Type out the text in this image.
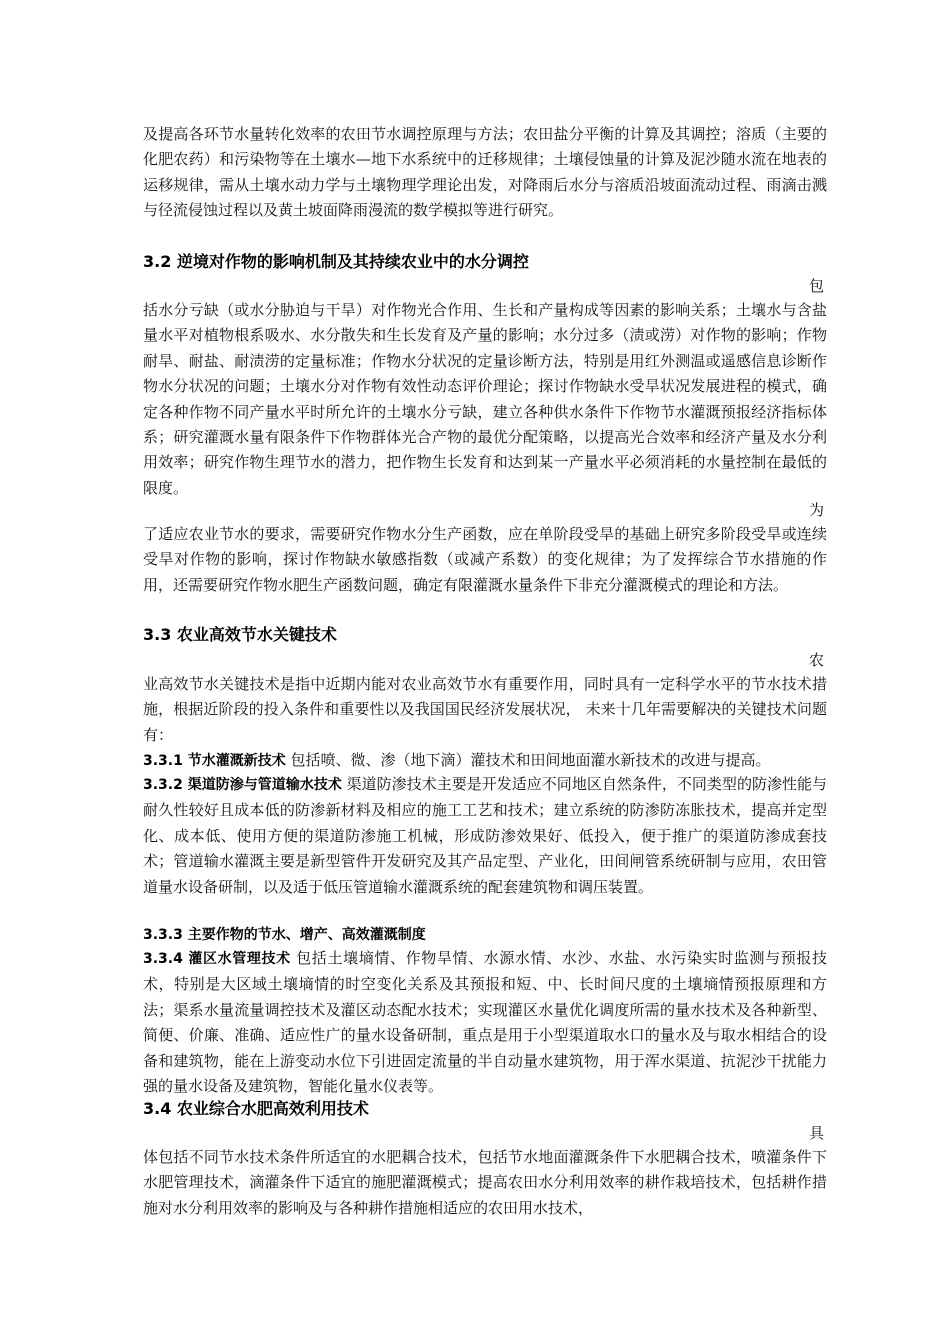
及提高各环节水量转化效率的农田节水调控原理与方法；农田盐分平衡的计算及其调控；溶质（主要的化肥农药）和污染物等在土壤水—地下水系统中的迁移规律；土壤侵蚀量的计算及泥沙随水流在地表的运移规律，需从土壤水动力学与土壤物理学理论出发，对降雨后水分与溶质沿坡面流动过程、雨滴击溅与径流侵蚀过程以及黄土坡面降雨漫流的数学模拟等进行研究。

3.2 逆境对作物的影响机制及其持续农业中的水分调控
包

括水分亏缺（或水分胁迫与干旱）对作物光合作用、生长和产量构成等因素的影响关系；土壤水与含盐量水平对植物根系吸水、水分散失和生长发育及产量的影响；水分过多（渍或涝）对作物的影响；作物耐旱、耐盐、耐渍涝的定量标准；作物水分状况的定量诊断方法，特别是用红外测温或遥感信息诊断作物水分状况的问题；土壤水分对作物有效性动态评价理论；探讨作物缺水受旱状况发展进程的模式，确定各种作物不同产量水平时所允许的土壤水分亏缺，建立各种供水条件下作物节水灌溉预报经济指标体系；研究灌溉水量有限条件下作物群体光合产物的最优分配策略，以提高光合效率和经济产量及水分利用效率；研究作物生理节水的潜力，把作物生长发育和达到某一产量水平必须消耗的水量控制在最低的限度。

为

了适应农业节水的要求，需要研究作物水分生产函数，应在单阶段受旱的基础上研究多阶段受旱或连续受旱对作物的影响，探讨作物缺水敏感指数（或减产系数）的变化规律；为了发挥综合节水措施的作用，还需要研究作物水肥生产函数问题，确定有限灌溉水量条件下非充分灌溉模式的理论和方法。

3.3 农业高效节水关键技术
农

业高效节水关键技术是指中近期内能对农业高效节水有重要作用，同时具有一定科学水平的节水技术措施，根据近阶段的投入条件和重要性以及我国国民经济发展状况， 未来十几年需要解决的关键技术问题有：

3.3.1 节水灌溉新技术 包括喷、微、渗（地下滴）灌技术和田间地面灌水新技术的改进与提高。

3.3.2 渠道防渗与管道输水技术 渠道防渗技术主要是开发适应不同地区自然条件，不同类型的防渗性能与耐久性较好且成本低的防渗新材料及相应的施工工艺和技术；建立系统的防渗防冻胀技术，提高并定型化、成本低、使用方便的渠道防渗施工机械，形成防渗效果好、低投入，便于推广的渠道防渗成套技术；管道输水灌溉主要是新型管件开发研究及其产品定型、产业化，田间闸管系统研制与应用，农田管道量水设备研制，以及适于低压管道输水灌溉系统的配套建筑物和调压装置。

3.3.3 主要作物的节水、增产、高效灌溉制度

3.3.4 灌区水管理技术 包括土壤墒情、作物旱情、水源水情、水沙、水盐、水污染实时监测与预报技术，特别是大区域土壤墒情的时空变化关系及其预报和短、中、长时间尺度的土壤墒情预报原理和方法；渠系水量流量调控技术及灌区动态配水技术；实现灌区水量优化调度所需的量水技术及各种新型、简便、价廉、准确、适应性广的量水设备研制，重点是用于小型渠道取水口的量水及与取水相结合的设备和建筑物，能在上游变动水位下引进固定流量的半自动量水建筑物，用于浑水渠道、抗泥沙干扰能力强的量水设备及建筑物，智能化量水仪表等。

3.4 农业综合水肥高效利用技术
具

体包括不同节水技术条件所适宜的水肥耦合技术，包括节水地面灌溉条件下水肥耦合技术，喷灌条件下水肥管理技术，滴灌条件下适宜的施肥灌溉模式；提高农田水分利用效率的耕作栽培技术，包括耕作措施对水分利用效率的影响及与各种耕作措施相适应的农田用水技术，
